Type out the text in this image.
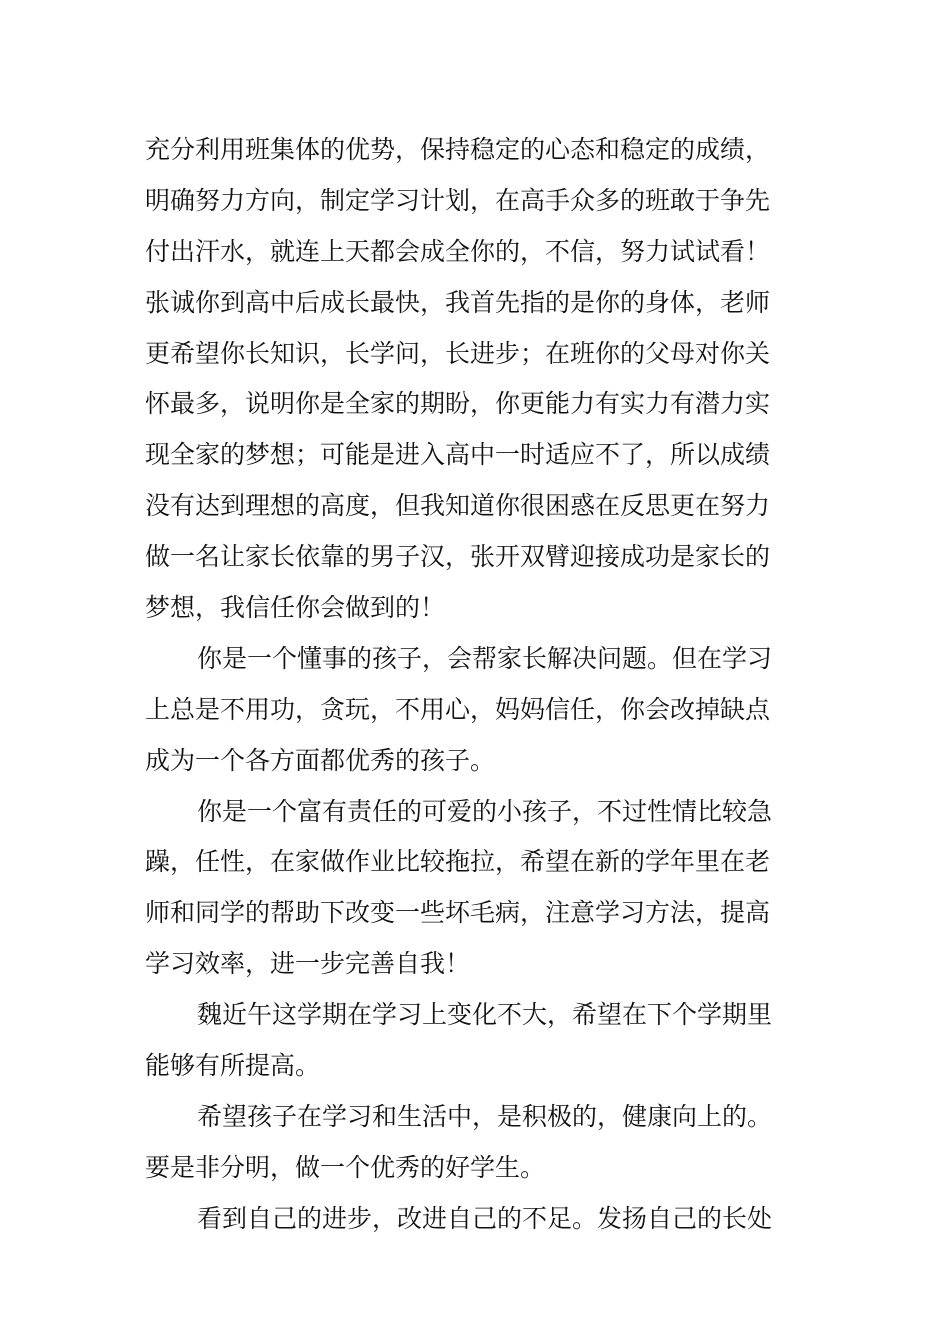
充分利用班集体的优势，保持稳定的心态和稳定的成绩，
明确努力方向，制定学习计划，在高手众多的班敢于争先
付出汗水，就连上天都会成全你的，不信，努力试试看！
张诚你到高中后成长最快，我首先指的是你的身体，老师
更希望你长知识，长学问，长进步；在班你的父母对你关
怀最多，说明你是全家的期盼，你更能力有实力有潜力实
现全家的梦想；可能是进入高中一时适应不了，所以成绩
没有达到理想的高度，但我知道你很困惑在反思更在努力
做一名让家长依靠的男子汉，张开双臂迎接成功是家长的
梦想，我信任你会做到的！
你是一个懂事的孩子，会帮家长解决问题。但在学习
上总是不用功，贪玩，不用心，妈妈信任，你会改掉缺点
成为一个各方面都优秀的孩子。
你是一个富有责任的可爱的小孩子，不过性情比较急
躁，任性，在家做作业比较拖拉，希望在新的学年里在老
师和同学的帮助下改变一些坏毛病，注意学习方法，提高
学习效率，进一步完善自我！
魏近午这学期在学习上变化不大，希望在下个学期里
能够有所提高。
希望孩子在学习和生活中，是积极的，健康向上的。
要是非分明，做一个优秀的好学生。
看到自己的进步，改进自己的不足。发扬自己的长处
